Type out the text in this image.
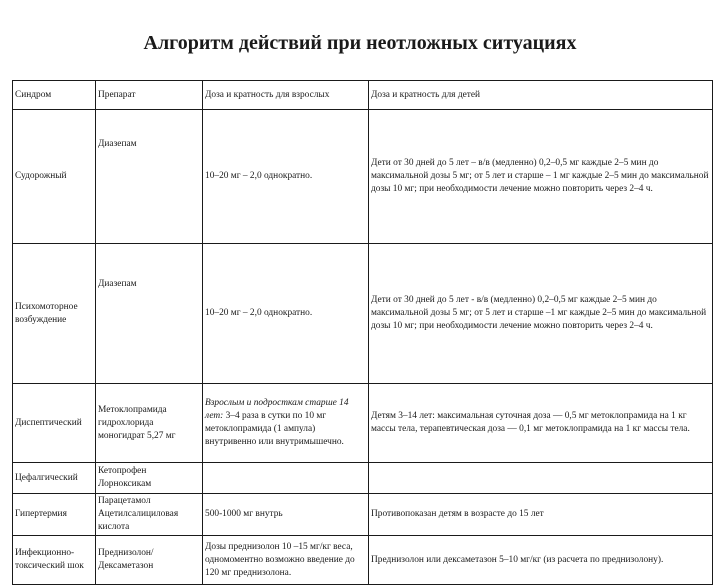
Алгоритм действий при неотложных ситуациях
Синдром	Препарат	Доза и кратность для взрослых	Доза и кратность для детей
Судорожный	Диазепам	10–20 мг – 2,0 однократно.	Дети от 30 дней до 5 лет – в/в (медленно) 0,2–0,5 мг каждые 2–5 мин до максимальной дозы 5 мг; от 5 лет и старше – 1 мг каждые 2–5 мин до максимальной дозы 10 мг; при необходимости лечение можно повторить через 2–4 ч.
Психомоторное возбуждение	Диазепам	10–20 мг – 2,0 однократно.	Дети от 30 дней до 5 лет - в/в (медленно) 0,2–0,5 мг каждые 2–5 мин до максимальной дозы 5 мг; от 5 лет и старше –1 мг каждые 2–5 мин до максимальной дозы 10 мг; при необходимости лечение можно повторить через 2–4 ч.
Диспептический	Метоклопрамида гидрохлорида моногидрат 5,27 мг	Взрослым и подросткам старше 14 лет: 3–4 раза в сутки по 10 мг метоклопрамида (1 ампула) внутривенно или внутримышечно.	Детям 3–14 лет: максимальная суточная доза — 0,5 мг метоклопрамида на 1 кг массы тела, терапевтическая доза — 0,1 мг метоклопрамида на 1 кг массы тела.
Цефалгический	Кетопрофен Лорноксикам		
Гипертермия	Парацетамол Ацетилсалициловая кислота	500-1000 мг внутрь	Противопоказан детям в возрасте до 15 лет
Инфекционно-токсический шок	Преднизолон/ Дексаметазон	Дозы преднизолон 10 –15 мг/кг веса, одномоментно возможно введение до 120 мг преднизолона.	Преднизолон или дексаметазон 5–10 мг/кг (из расчета по преднизолону).
